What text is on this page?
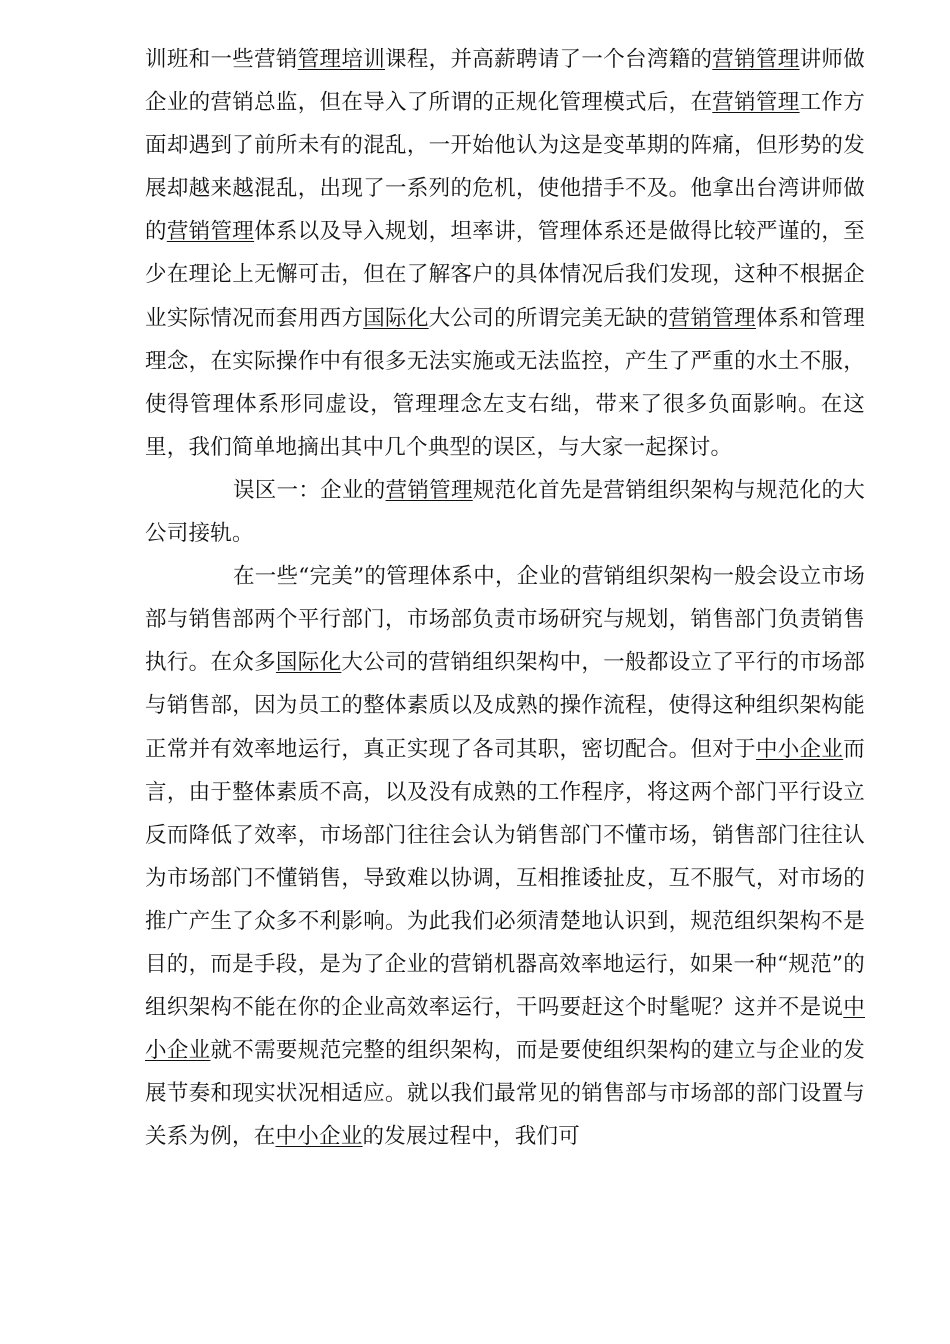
训班和一些营销管理培训课程，并高薪聘请了一个台湾籍的营销管理讲师做企业的营销总监，但在导入了所谓的正规化管理模式后，在营销管理工作方面却遇到了前所未有的混乱，一开始他认为这是变革期的阵痛，但形势的发展却越来越混乱，出现了一系列的危机，使他措手不及。他拿出台湾讲师做的营销管理体系以及导入规划，坦率讲，管理体系还是做得比较严谨的，至少在理论上无懈可击，但在了解客户的具体情况后我们发现，这种不根据企业实际情况而套用西方国际化大公司的所谓完美无缺的营销管理体系和管理理念，在实际操作中有很多无法实施或无法监控，产生了严重的水土不服，使得管理体系形同虚设，管理理念左支右绌，带来了很多负面影响。在这里，我们简单地摘出其中几个典型的误区，与大家一起探讨。

误区一：企业的营销管理规范化首先是营销组织架构与规范化的大公司接轨。

在一些“完美”的管理体系中，企业的营销组织架构一般会设立市场部与销售部两个平行部门，市场部负责市场研究与规划，销售部门负责销售执行。在众多国际化大公司的营销组织架构中，一般都设立了平行的市场部与销售部，因为员工的整体素质以及成熟的操作流程，使得这种组织架构能正常并有效率地运行，真正实现了各司其职，密切配合。但对于中小企业而言，由于整体素质不高，以及没有成熟的工作程序，将这两个部门平行设立反而降低了效率，市场部门往往会认为销售部门不懂市场，销售部门往往认为市场部门不懂销售，导致难以协调，互相推诿扯皮，互不服气，对市场的推广产生了众多不利影响。为此我们必须清楚地认识到，规范组织架构不是目的，而是手段，是为了企业的营销机器高效率地运行，如果一种“规范”的组织架构不能在你的企业高效率运行，干吗要赶这个时髦呢？这并不是说中小企业就不需要规范完整的组织架构，而是要使组织架构的建立与企业的发展节奏和现实状况相适应。就以我们最常见的销售部与市场部的部门设置与关系为例，在中小企业的发展过程中，我们可
